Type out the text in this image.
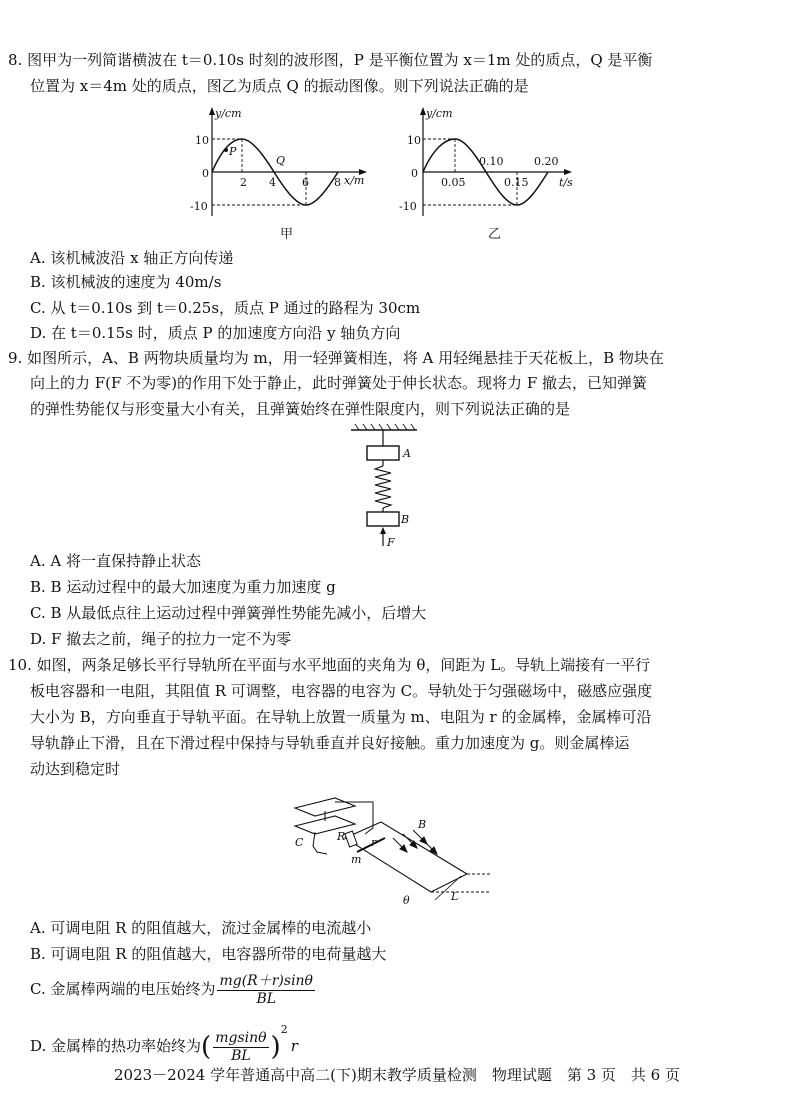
8. 图甲为一列简谐横波在 t＝0.10s 时刻的波形图，P 是平衡位置为 x＝1m 处的质点，Q 是平衡
位置为 x＝4m 处的质点，图乙为质点 Q 的振动图像。则下列说法正确的是
y/cm
x/m
0
10
-10
2 4 6 8
P
Q
甲
y/cm
t/s
0
10
-10
0.05	0.15
0.10	0.20
乙
A. 该机械波沿 x 轴正方向传递
B. 该机械波的速度为 40m/s
C. 从 t＝0.10s 到 t＝0.25s，质点 P 通过的路程为 30cm
D. 在 t＝0.15s 时，质点 P 的加速度方向沿 y 轴负方向
9. 如图所示，A、B 两物块质量均为 m，用一轻弹簧相连，将 A 用轻绳悬挂于天花板上，B 物块在
向上的力 F(F 不为零)的作用下处于静止，此时弹簧处于伸长状态。现将力 F 撤去，已知弹簧
的弹性势能仅与形变量大小有关，且弹簧始终在弹性限度内，则下列说法正确的是
A
B
F
A. A 将一直保持静止状态
B. B 运动过程中的最大加速度为重力加速度 g
C. B 从最低点往上运动过程中弹簧弹性势能先减小，后增大
D. F 撤去之前，绳子的拉力一定不为零
10. 如图，两条足够长平行导轨所在平面与水平地面的夹角为 θ，间距为 L。导轨上端接有一平行
板电容器和一电阻，其阻值 R 可调整，电容器的电容为 C。导轨处于匀强磁场中，磁感应强度
大小为 B，方向垂直于导轨平面。在导轨上放置一质量为 m、电阻为 r 的金属棒，金属棒可沿
导轨静止下滑，且在下滑过程中保持与导轨垂直并良好接触。重力加速度为 g。则金属棒运
动达到稳定时
C	R r
m
B
θ	L
A. 可调电阻 R 的阻值越大，流过金属棒的电流越小
B. 可调电阻 R 的阻值越大，电容器所带的电荷量越大
C. 金属棒两端的电压始终为 $\frac{mg(R+r)\sin\theta}{BL}$
D. 金属棒的热功率始终为( $\frac{mgsin\theta}{BL} )^2r$
2023－2024 学年普通高中高二(下)期末教学质量检测　物理试题　第 3 页　共 6 页
